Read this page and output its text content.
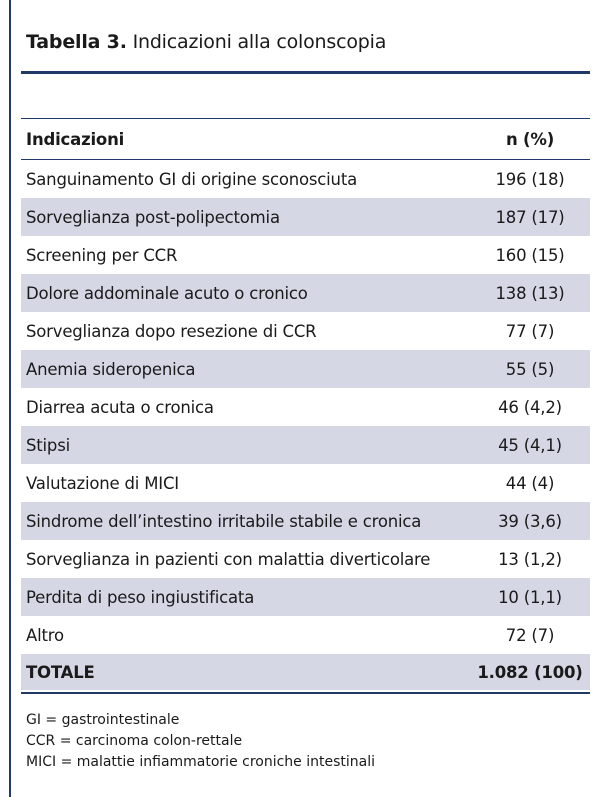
Tabella 3. Indicazioni alla colonscopia
Indicazioni	n (%)
Sanguinamento GI di origine sconosciuta	196 (18)
Sorveglianza post-polipectomia	187 (17)
Screening per CCR	160 (15)
Dolore addominale acuto o cronico	138 (13)
Sorveglianza dopo resezione di CCR	77 (7)
Anemia sideropenica	55 (5)
Diarrea acuta o cronica	46 (4,2)
Stipsi	45 (4,1)
Valutazione di MICI	44 (4)
Sindrome dell’intestino irritabile stabile e cronica	39 (3,6)
Sorveglianza in pazienti con malattia diverticolare	13 (1,2)
Perdita di peso ingiustificata	10 (1,1)
Altro	72 (7)
TOTALE	1.082 (100)
GI = gastrointestinale
CCR = carcinoma colon-rettale
MICI = malattie infiammatorie croniche intestinali
